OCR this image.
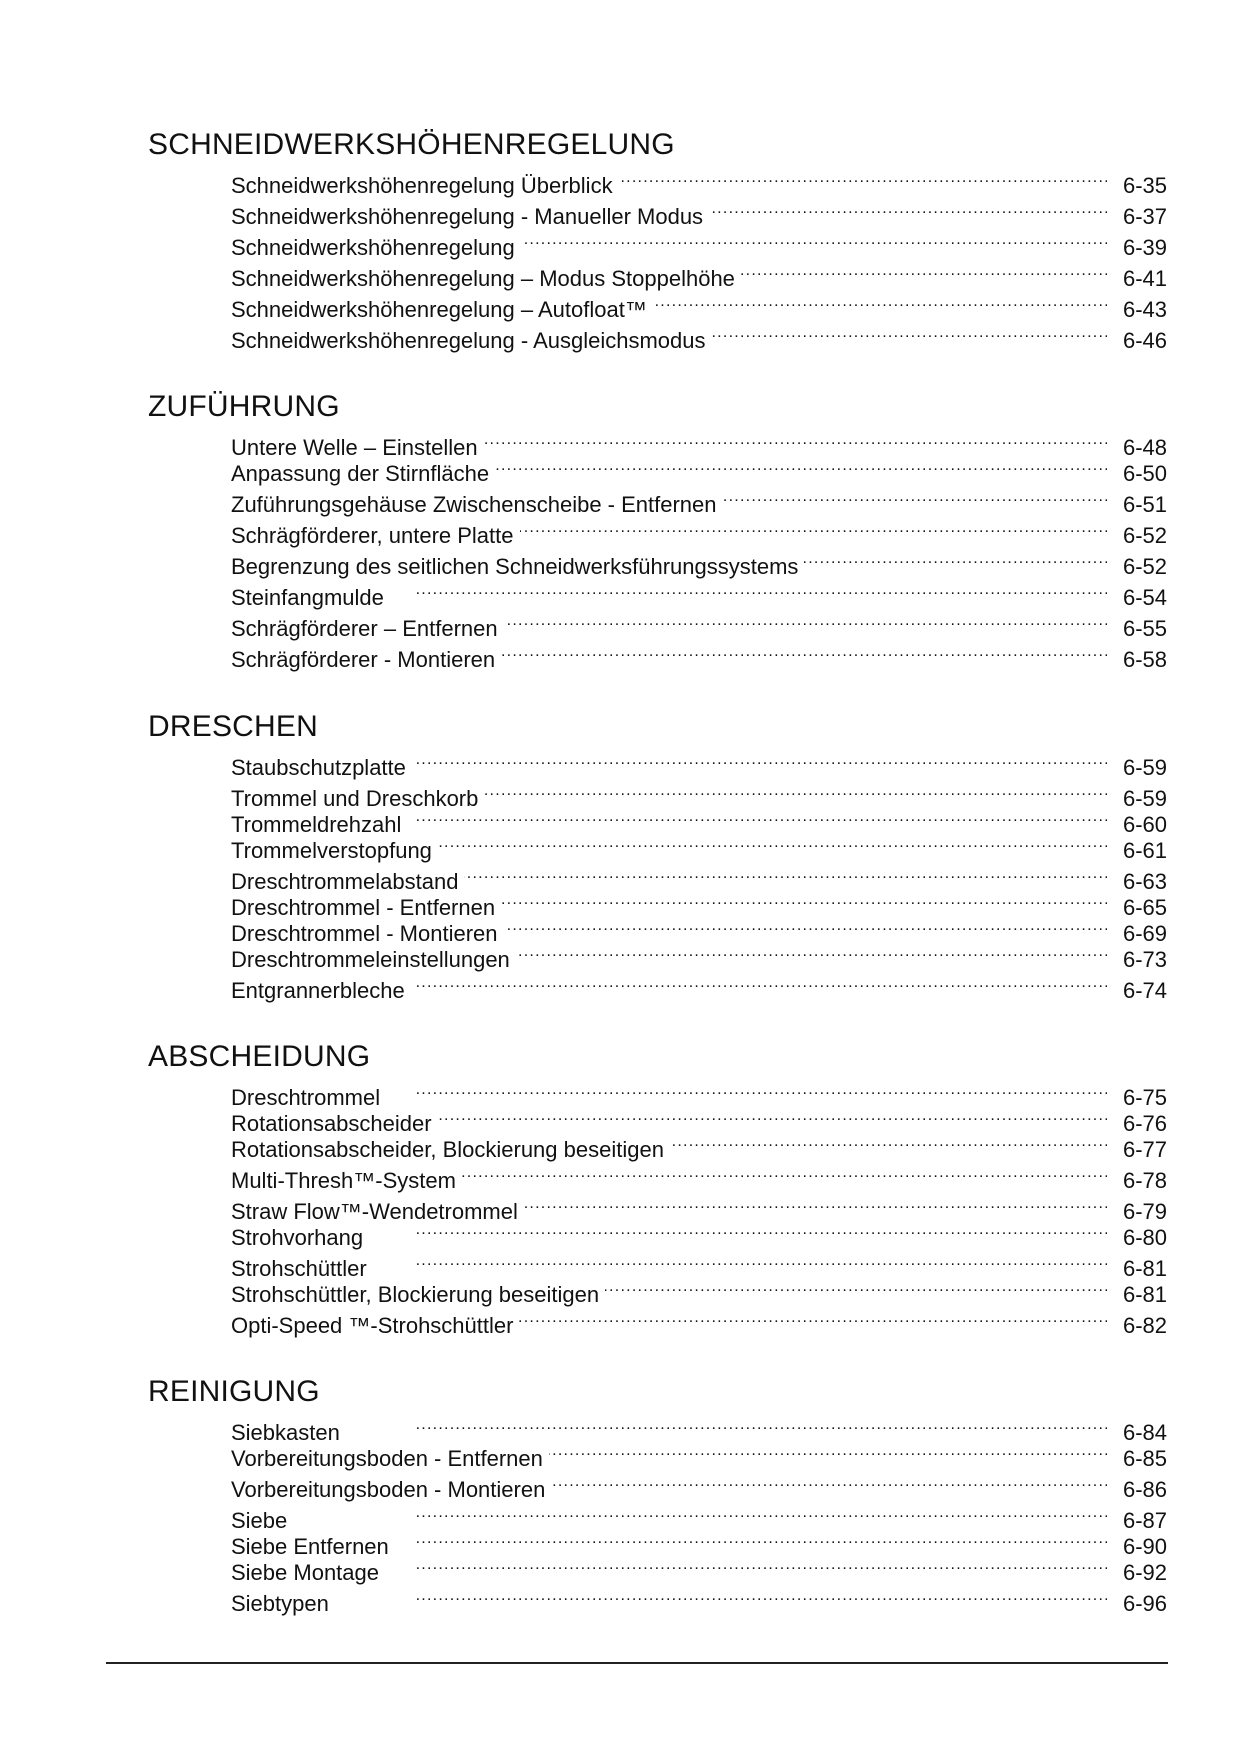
SCHNEIDWERKSHÖHENREGELUNG
Schneidwerkshöhenregelung Überblick . . .	6-35
Schneidwerkshöhenregelung - Manueller Modus . . .	6-37
Schneidwerkshöhenregelung . . .	6-39
Schneidwerkshöhenregelung – Modus Stoppelhöhe . . .	6-41
Schneidwerkshöhenregelung – Autofloat™ . . .	6-43
Schneidwerkshöhenregelung - Ausgleichsmodus . . .	6-46
ZUFÜHRUNG
Untere Welle – Einstellen . . .	6-48
Anpassung der Stirnfläche . . .	6-50
Zuführungsgehäuse Zwischenscheibe - Entfernen . . .	6-51
Schrägförderer, untere Platte . . .	6-52
Begrenzung des seitlichen Schneidwerksführungssystems . . .	6-52
Steinfangmulde . . .	6-54
Schrägförderer – Entfernen . . .	6-55
Schrägförderer - Montieren . . .	6-58
DRESCHEN
Staubschutzplatte . . .	6-59
Trommel und Dreschkorb . . .	6-59
Trommeldrehzahl . . .	6-60
Trommelverstopfung . . .	6-61
Dreschtrommelabstand . . .	6-63
Dreschtrommel - Entfernen . . .	6-65
Dreschtrommel - Montieren . . .	6-69
Dreschtrommeleinstellungen . . .	6-73
Entgrannerbleche . . .	6-74
ABSCHEIDUNG
Dreschtrommel . . .	6-75
Rotationsabscheider . . .	6-76
Rotationsabscheider, Blockierung beseitigen . . .	6-77
Multi-Thresh™-System . . .	6-78
Straw Flow™-Wendetrommel . . .	6-79
Strohvorhang . . .	6-80
Strohschüttler . . .	6-81
Strohschüttler, Blockierung beseitigen . . .	6-81
Opti-Speed ™-Strohschüttler . . .	6-82
REINIGUNG
Siebkasten . . .	6-84
Vorbereitungsboden - Entfernen . . .	6-85
Vorbereitungsboden - Montieren . . .	6-86
Siebe . . .	6-87
Siebe Entfernen . . .	6-90
Siebe Montage . . .	6-92
Siebtypen . . .	6-96
